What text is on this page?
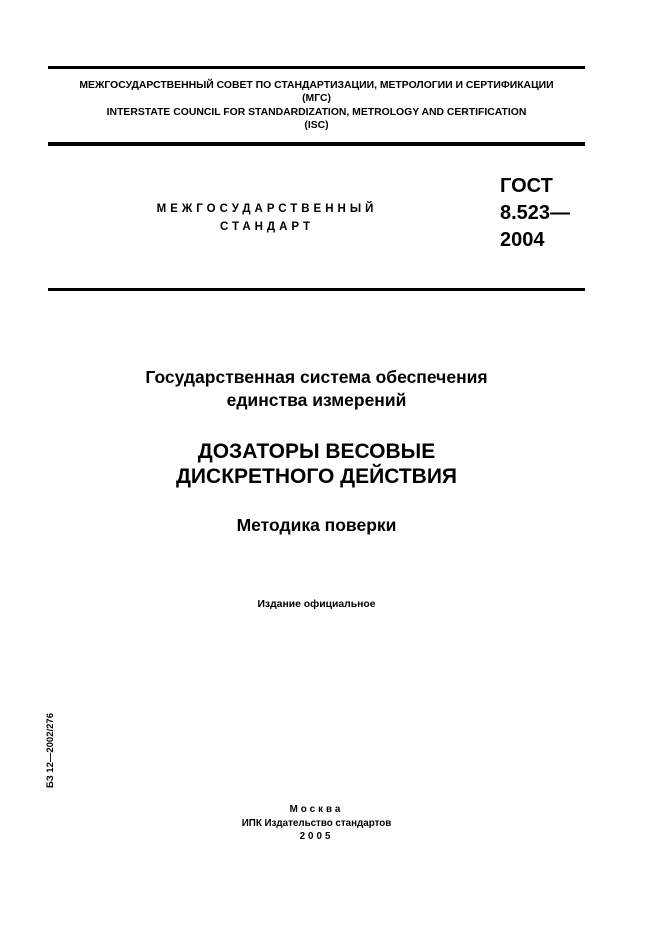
МЕЖГОСУДАРСТВЕННЫЙ СОВЕТ ПО СТАНДАРТИЗАЦИИ, МЕТРОЛОГИИ И СЕРТИФИКАЦИИ
(МГС)
INTERSTATE COUNCIL FOR STANDARDIZATION, METROLOGY AND CERTIFICATION
(ISC)
МЕЖГОСУДАРСТВЕННЫЙ
СТАНДАРТ
ГОСТ
8.523—
2004
Государственная система обеспечения
единства измерений
ДОЗАТОРЫ ВЕСОВЫЕ
ДИСКРЕТНОГО ДЕЙСТВИЯ
Методика поверки
Издание официальное
БЗ 12—2002/276
Москва
ИПК Издательство стандартов
2005
